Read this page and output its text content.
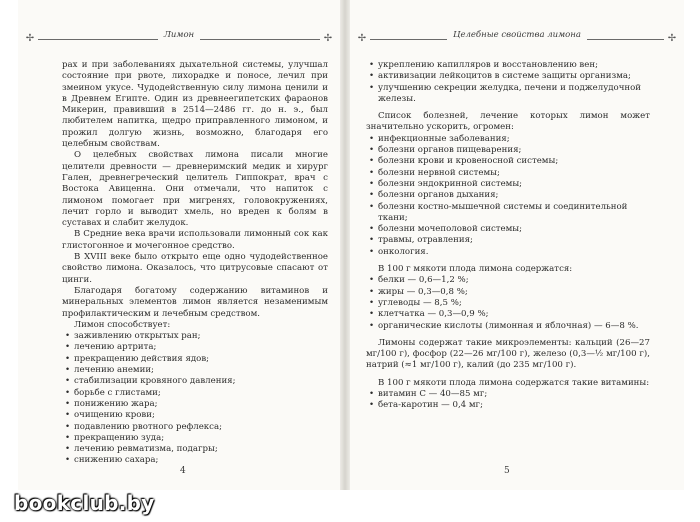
✢	Лимон	✢

рах и при заболеваниях дыхательной системы, улучшал состояние при рвоте, лихорадке и поносе, лечил при змеином укусе. Чудодейственную силу лимона ценили и в Древнем Египте. Один из древнеегипетских фараонов Микерин, правивший в 2514—2486 гг. до н. э., был любителем напитка, щедро приправленного лимоном, и прожил долгую жизнь, возможно, благодаря его целебным свойствам.

О целебных свойствах лимона писали многие целители древности — древнеримский медик и хирург Гален, древнегреческий целитель Гиппократ, врач с Востока Авиценна. Они отмечали, что напиток с лимоном помогает при мигренях, головокружениях, лечит горло и выводит хмель, но вреден к болям в суставах и слабит желудок.

В Средние века врачи использовали лимонный сок как глистогонное и мочегонное средство.

В XVIII веке было открыто еще одно чудодейственное свойство лимона. Оказалось, что цитрусовые спасают от цинги.

Благодаря богатому содержанию витаминов и минеральных элементов лимон является незаменимым профилактическим и лечебным средством.

Лимон способствует:

• заживлению открытых ран;
• лечению артрита;
• прекращению действия ядов;
• лечению анемии;
• стабилизации кровяного давления;
• борьбе с глистами;
• понижению жара;
• очищению крови;
• подавлению рвотного рефлекса;
• прекращению зуда;
• лечению ревматизма, подагры;
• снижению сахара;
4
✢	Целебные свойства лимона	✢
• укреплению капилляров и восстановлению вен;
• активизации лейкоцитов в системе защиты организма;
• улучшению секреции желудка, печени и поджелудочной железы.

Список болезней, лечение которых лимон может значительно ускорить, огромен:

• инфекционные заболевания;
• болезни органов пищеварения;
• болезни крови и кровеносной системы;
• болезни нервной системы;
• болезни эндокринной системы;
• болезни органов дыхания;
• болезни костно-мышечной системы и соединительной ткани;
• болезни мочеполовой системы;
• травмы, отравления;
• онкология.

В 100 г мякоти плода лимона содержатся:

• белки — 0,6—1,2 %;
• жиры — 0,3—0,8 %;
• углеводы — 8,5 %;
• клетчатка — 0,3—0,9 %;
• органические кислоты (лимонная и яблочная) — 6—8 %.

Лимоны содержат такие микроэлементы: кальций (26—27 мг/100 г), фосфор (22—26 мг/100 г), железо (0,3—½ мг/100 г), натрий (≈1 мг/100 г), калий (до 235 мг/100 г).

В 100 г мякоти плода лимона содержатся такие витамины:

• витамин С — 40—85 мг;
• бета-каротин — 0,4 мг;
5
bookclub.by
